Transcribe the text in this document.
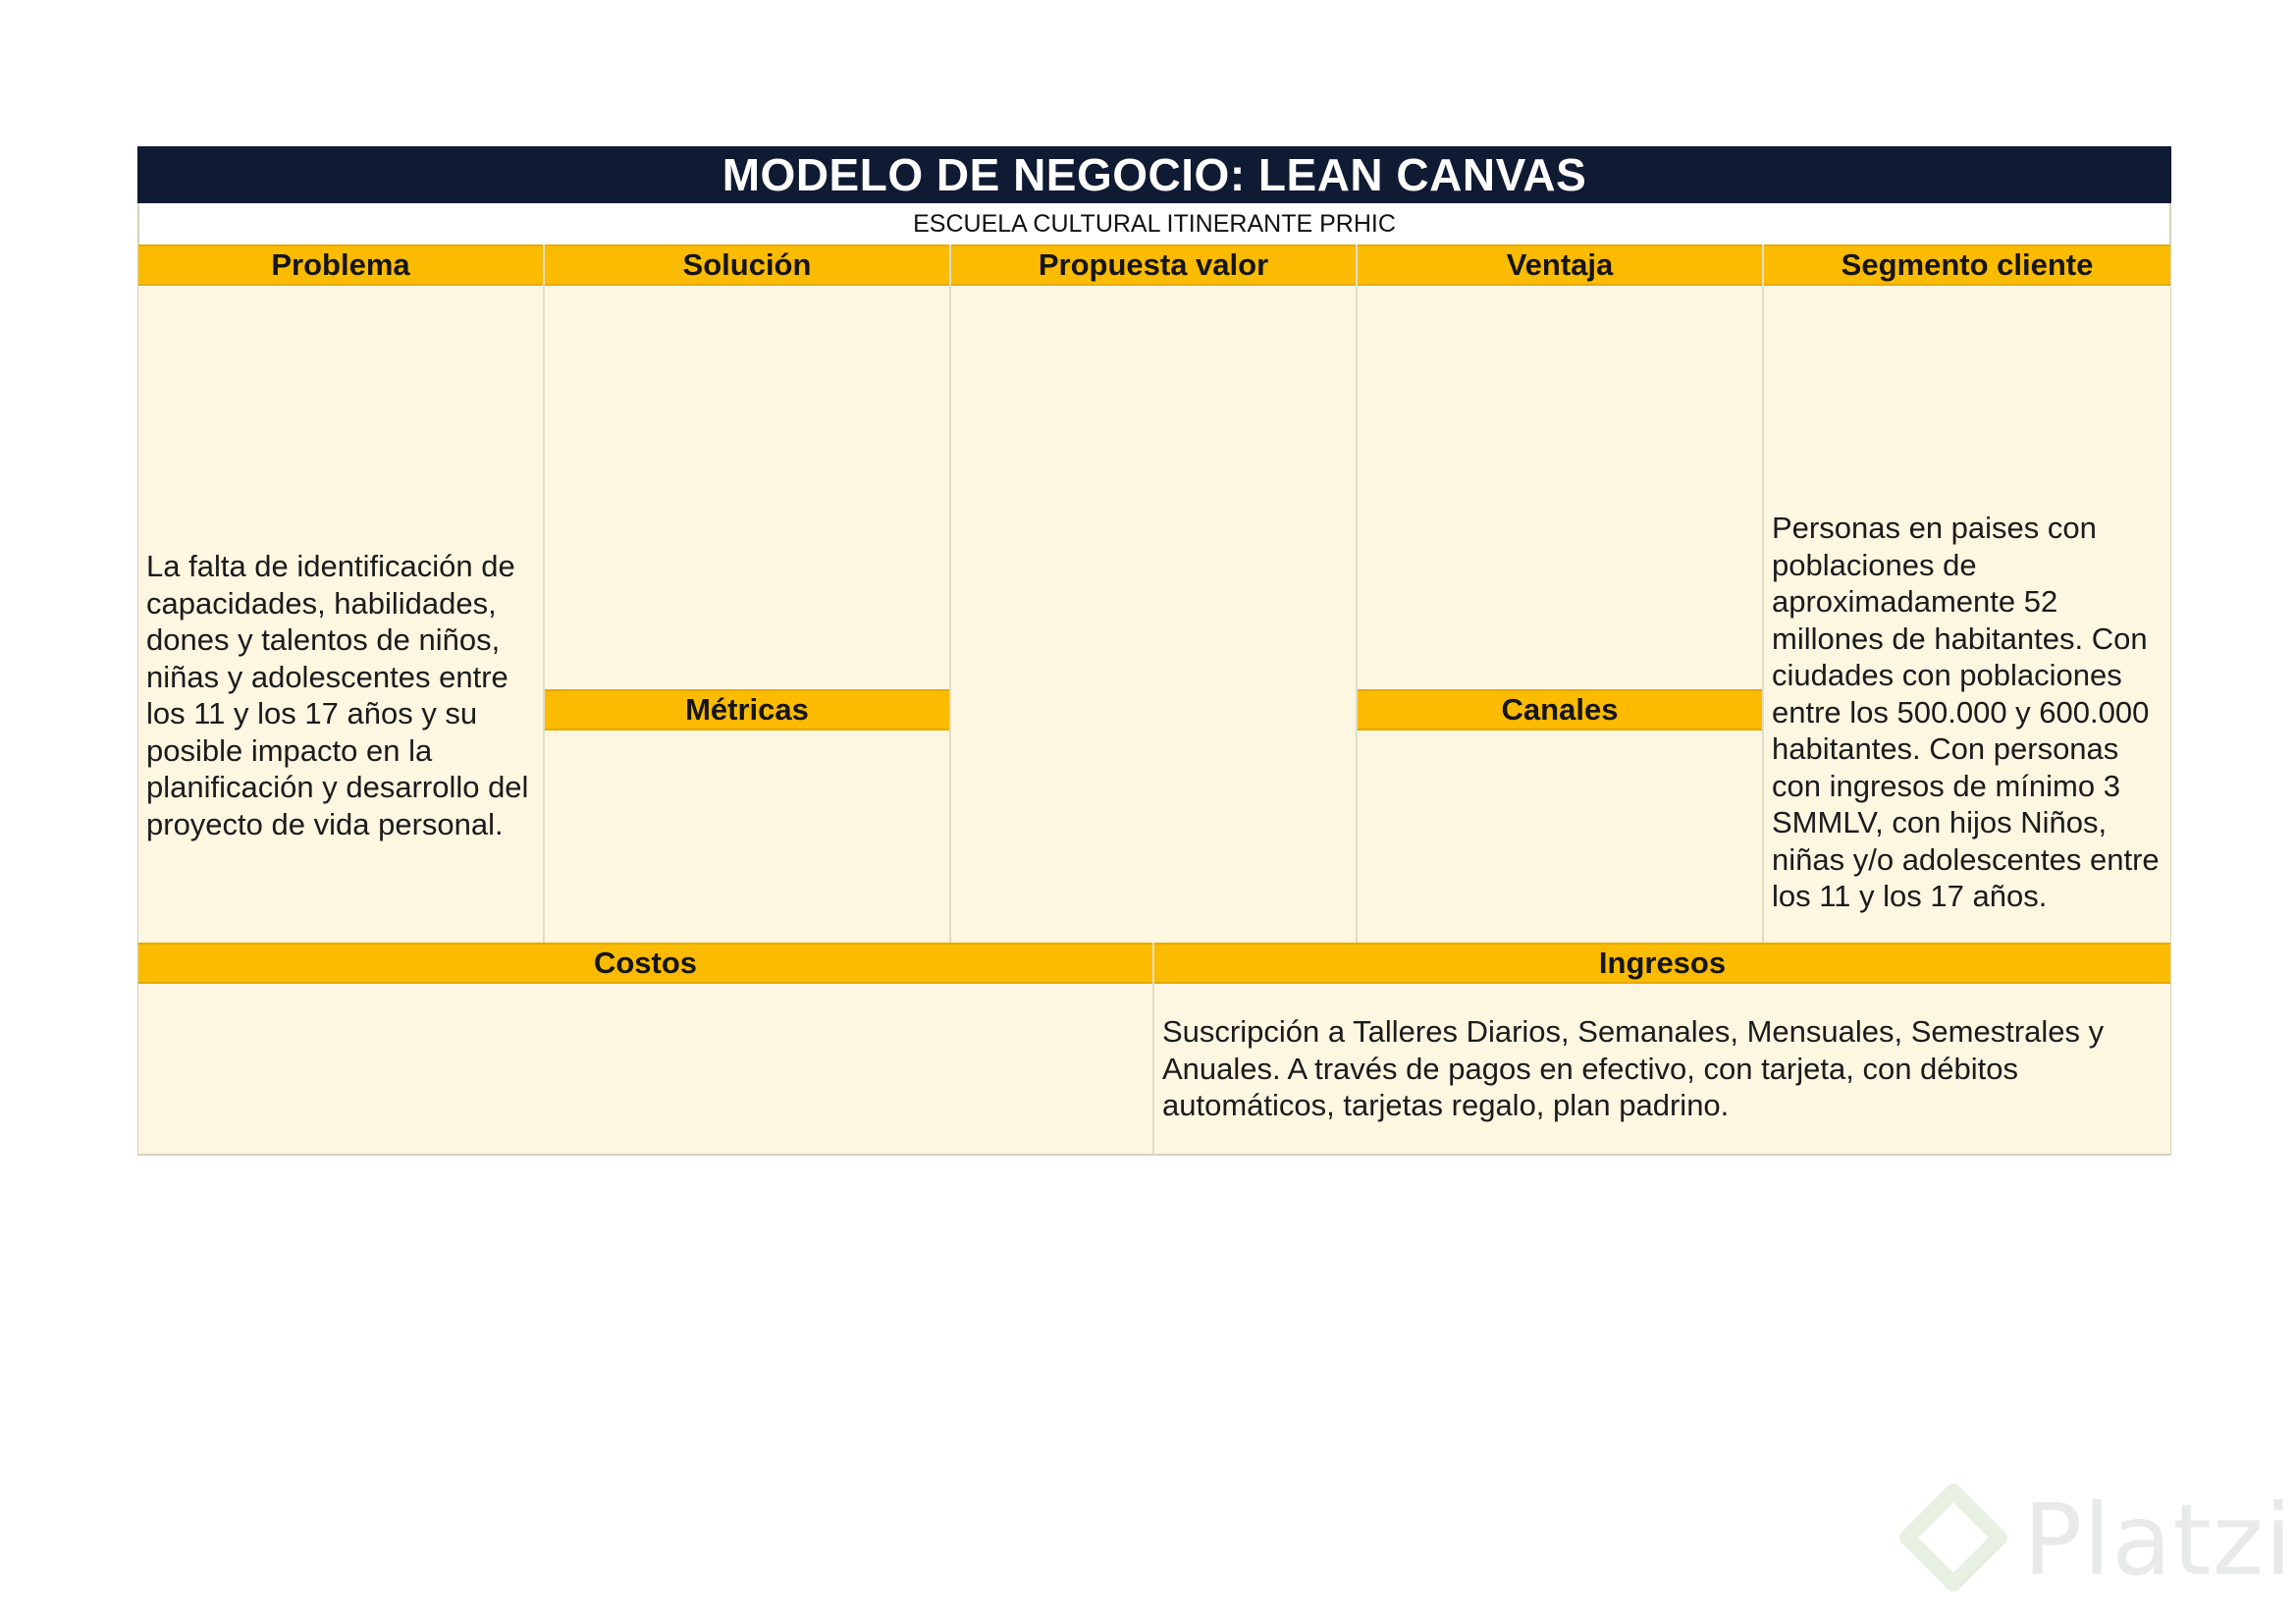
MODELO DE NEGOCIO: LEAN CANVAS
ESCUELA CULTURAL ITINERANTE PRHIC
Problema
La falta de identificación de capacidades, habilidades, dones y talentos de niños, niñas y adolescentes entre los 11 y los 17 años y su posible impacto en la planificación y desarrollo del proyecto de vida personal.
Solución
Métricas
Propuesta valor	Ventaja
Canales
Segmento cliente
Personas en paises con poblaciones de aproximadamente 52 millones de habitantes. Con ciudades con poblaciones entre los 500.000 y 600.000 habitantes. Con personas con ingresos de mínimo 3 SMMLV, con hijos Niños, niñas y/o adolescentes entre los 11 y los 17 años.
Costos	Ingresos
Suscripción a Talleres Diarios, Semanales, Mensuales, Semestrales y Anuales. A través de pagos en efectivo, con tarjeta, con débitos automáticos, tarjetas regalo, plan padrino.
Platzi
